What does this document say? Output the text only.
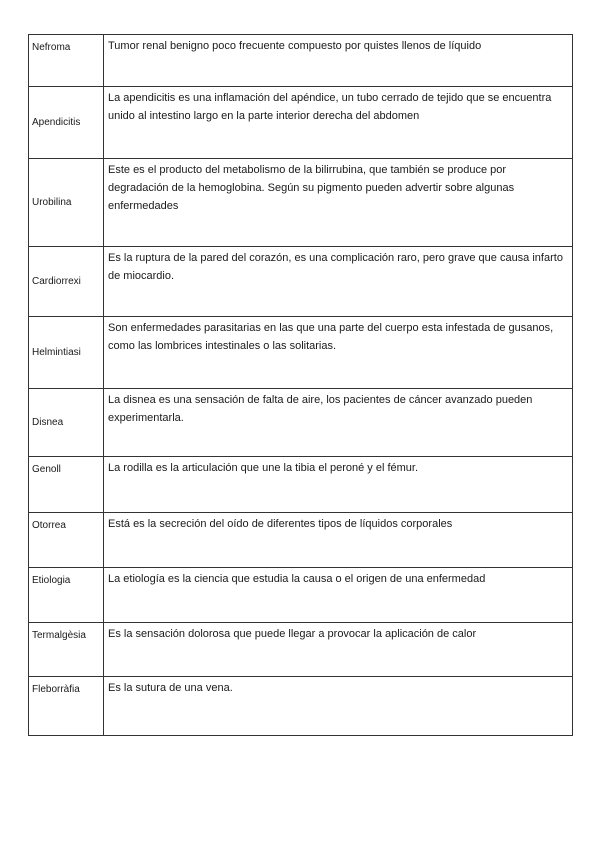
Nefroma	Tumor renal benigno poco frecuente compuesto por quistes llenos de líquido
Apendicitis	La apendicitis es una inflamación del apéndice, un tubo cerrado de tejido que se encuentra unido al intestino largo en la parte interior derecha del abdomen
Urobilina	Este es el producto del metabolismo de la bilirrubina, que también se produce por degradación de la hemoglobina. Según su pigmento pueden advertir sobre algunas enfermedades
Cardiorrexi	Es la ruptura de la pared del corazón, es una complicación raro, pero grave que causa infarto de miocardio.
Helmintiasi	Son enfermedades parasitarias en las que una parte del cuerpo esta infestada de gusanos, como las lombrices intestinales o las solitarias.
Disnea	La disnea es una sensación de falta de aire, los pacientes de cáncer avanzado pueden experimentarla.
Genoll	La rodilla es la articulación que une la tibia el peroné y el fémur.
Otorrea	Está es la secreción del oído de diferentes tipos de líquidos corporales
Etiologia	La etiología es la ciencia que estudia la causa o el origen de una enfermedad
Termalgèsia	Es la sensación dolorosa que puede llegar a provocar la aplicación de calor
Fleborràfia	Es la sutura de una vena.
